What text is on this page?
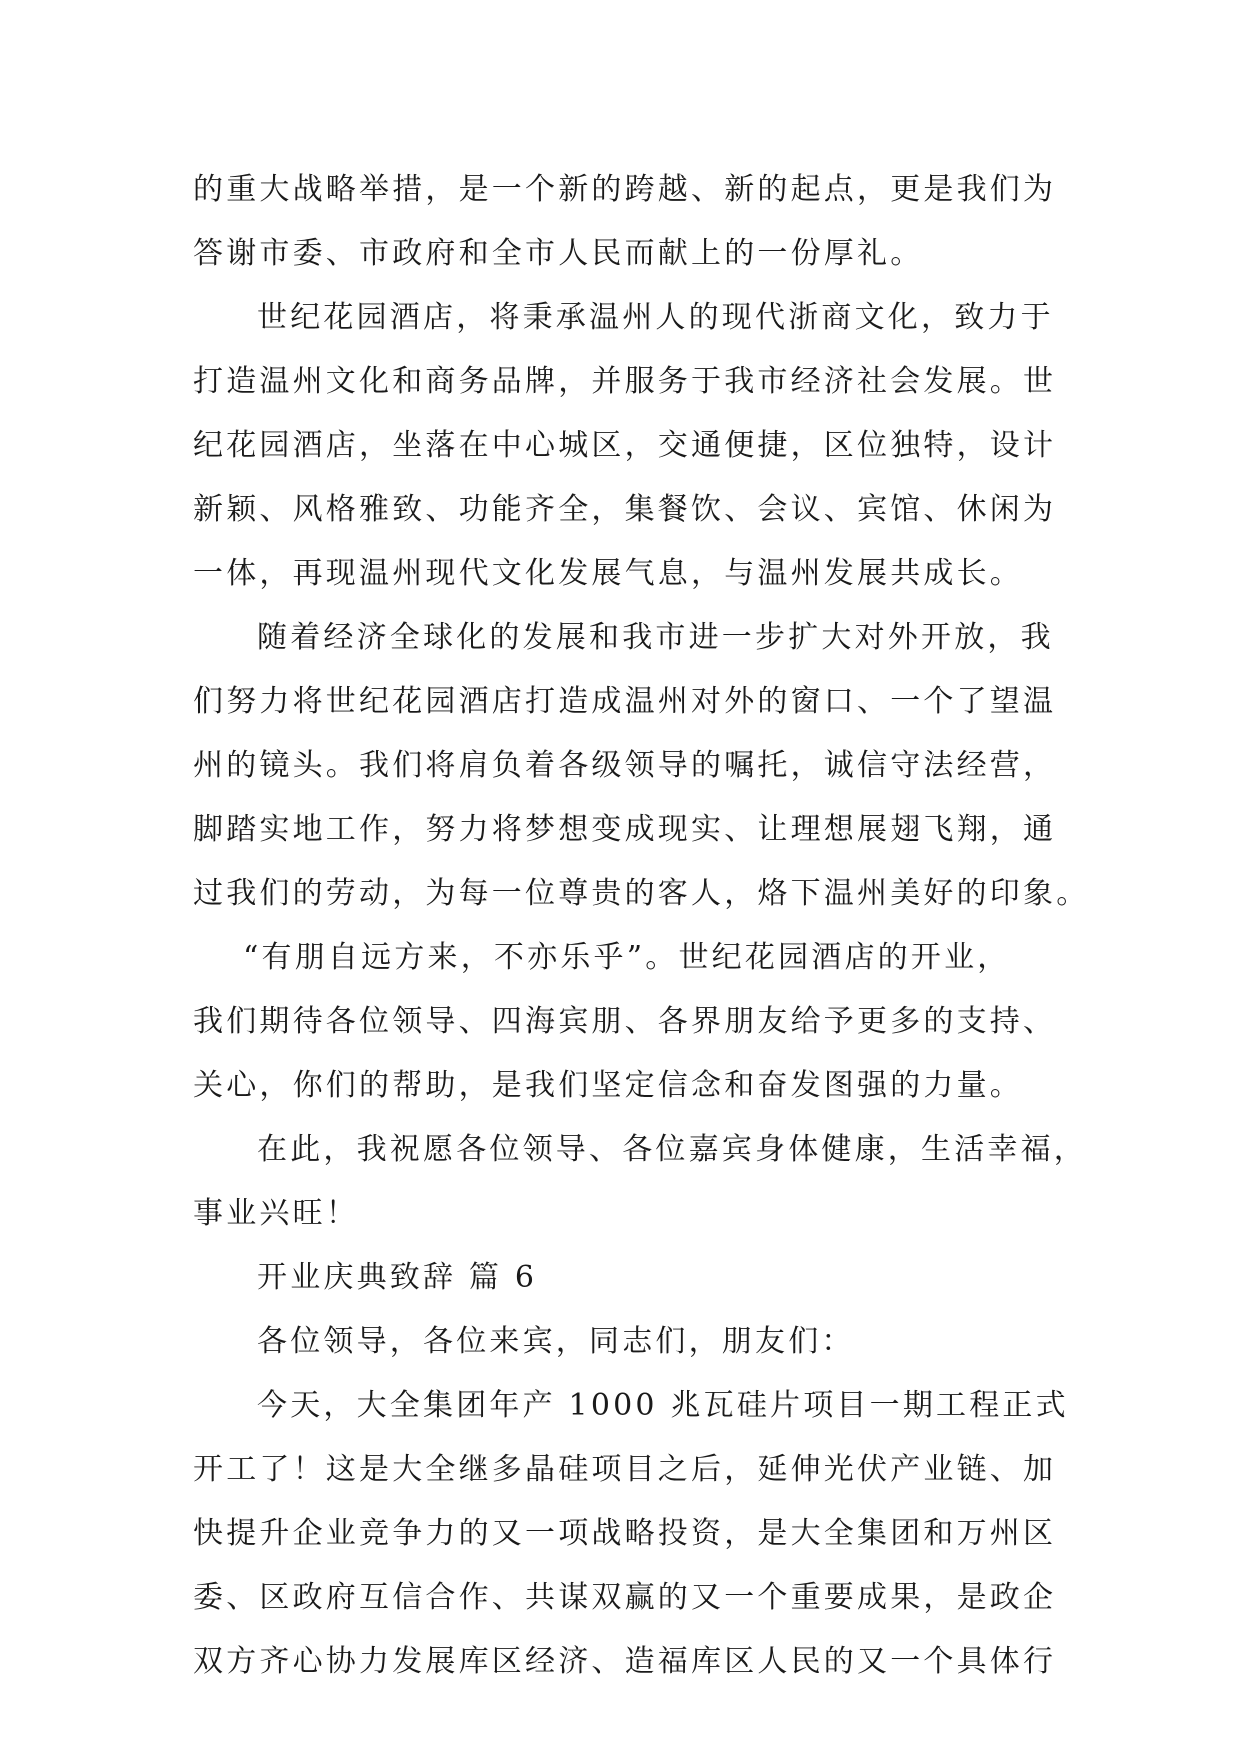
的重大战略举措，是一个新的跨越、新的起点，更是我们为
答谢市委、市政府和全市人民而献上的一份厚礼。
世纪花园酒店，将秉承温州人的现代浙商文化，致力于
打造温州文化和商务品牌，并服务于我市经济社会发展。世
纪花园酒店，坐落在中心城区，交通便捷，区位独特，设计
新颖、风格雅致、功能齐全，集餐饮、会议、宾馆、休闲为
一体，再现温州现代文化发展气息，与温州发展共成长。
随着经济全球化的发展和我市进一步扩大对外开放，我
们努力将世纪花园酒店打造成温州对外的窗口、一个了望温
州的镜头。我们将肩负着各级领导的嘱托，诚信守法经营，
脚踏实地工作，努力将梦想变成现实、让理想展翅飞翔，通
过我们的劳动，为每一位尊贵的客人，烙下温州美好的印象。
“有朋自远方来，不亦乐乎”。世纪花园酒店的开业，
我们期待各位领导、四海宾朋、各界朋友给予更多的支持、
关心，你们的帮助，是我们坚定信念和奋发图强的力量。
在此，我祝愿各位领导、各位嘉宾身体健康，生活幸福，
事业兴旺！
开业庆典致辞 篇 6
各位领导，各位来宾，同志们，朋友们：
今天，大全集团年产 1000 兆瓦硅片项目一期工程正式
开工了！这是大全继多晶硅项目之后，延伸光伏产业链、加
快提升企业竞争力的又一项战略投资，是大全集团和万州区
委、区政府互信合作、共谋双赢的又一个重要成果，是政企
双方齐心协力发展库区经济、造福库区人民的又一个具体行
